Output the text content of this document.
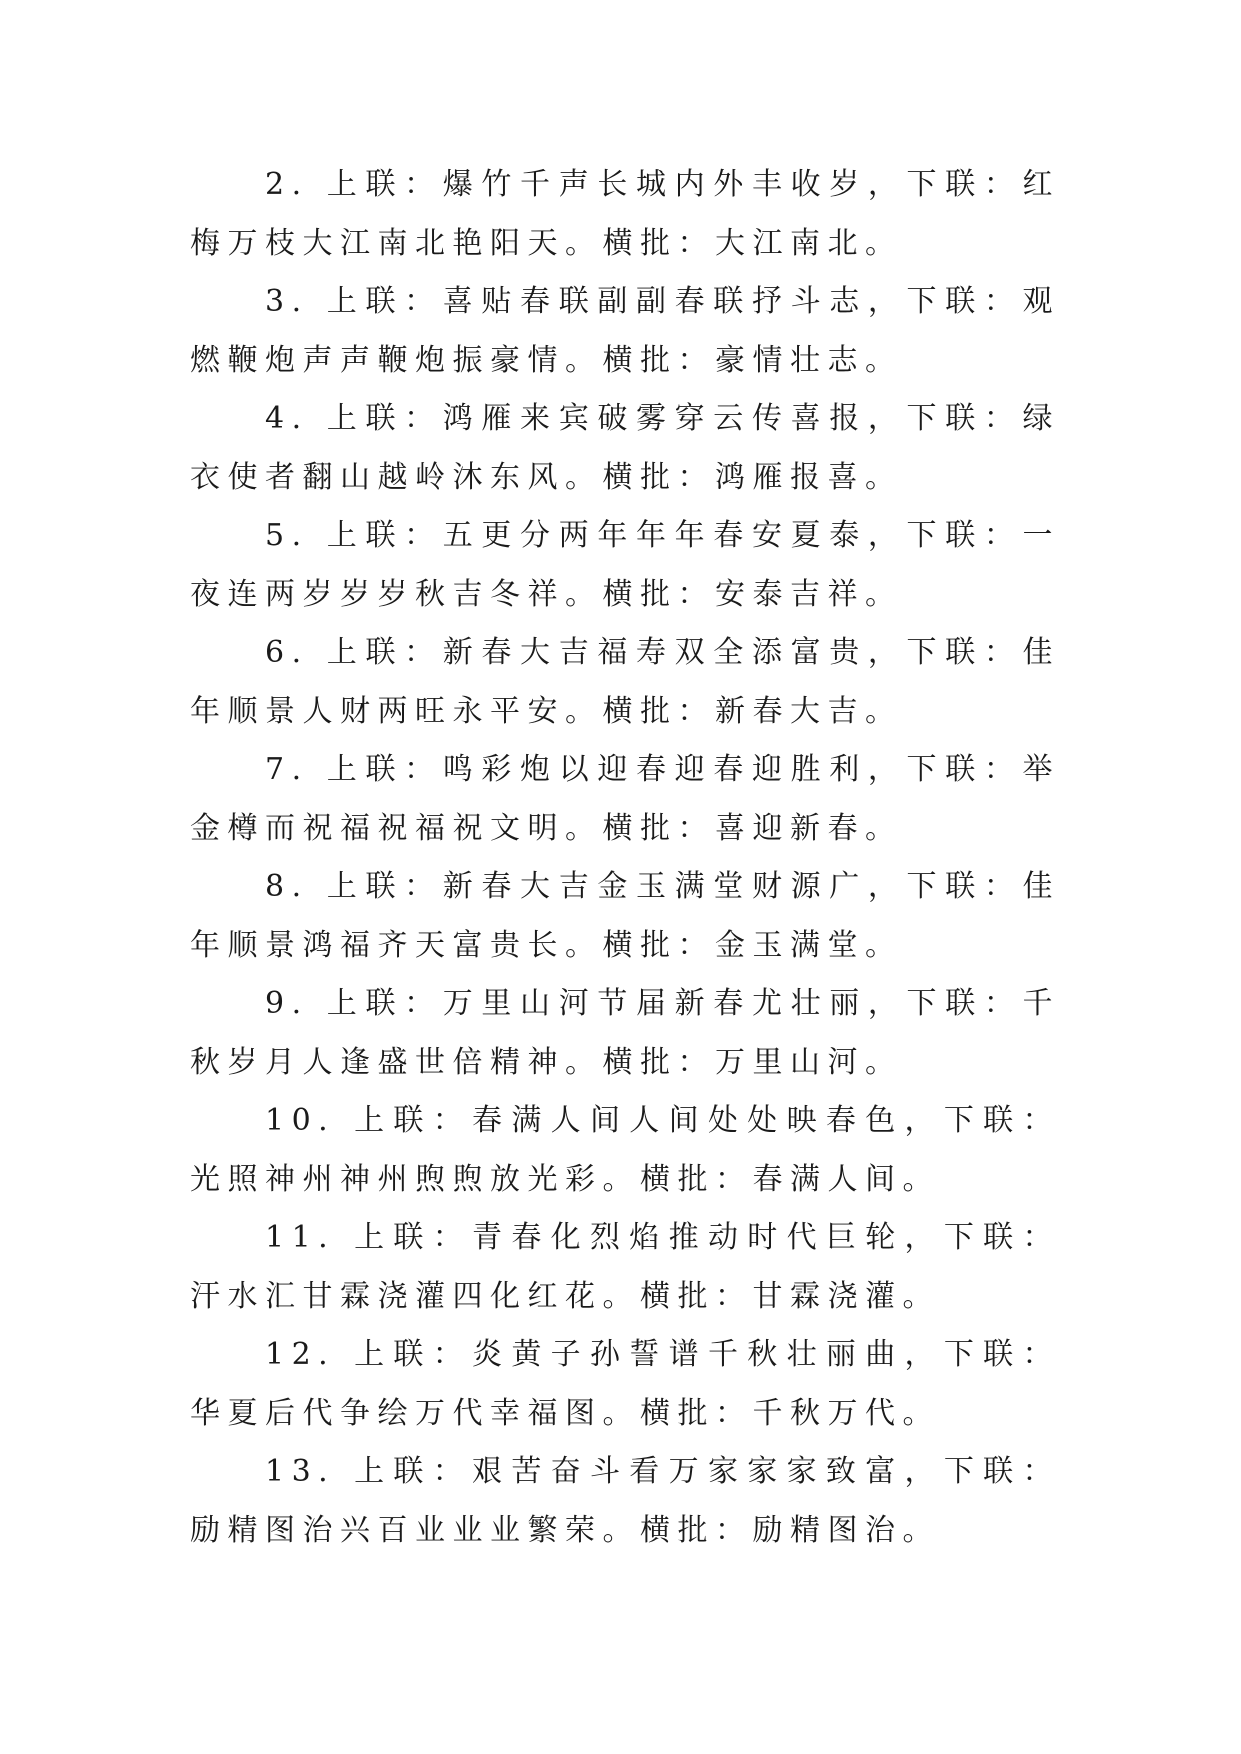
2. 上联：爆竹千声长城内外丰收岁，下联：红梅万枝大江南北艳阳天。横批：大江南北。

3. 上联：喜贴春联副副春联抒斗志，下联：观燃鞭炮声声鞭炮振豪情。横批：豪情壮志。

4. 上联：鸿雁来宾破雾穿云传喜报，下联：绿衣使者翻山越岭沐东风。横批：鸿雁报喜。

5. 上联：五更分两年年年春安夏泰，下联：一夜连两岁岁岁秋吉冬祥。横批：安泰吉祥。

6. 上联：新春大吉福寿双全添富贵，下联：佳年顺景人财两旺永平安。横批：新春大吉。

7. 上联：鸣彩炮以迎春迎春迎胜利，下联：举金樽而祝福祝福祝文明。横批：喜迎新春。

8. 上联：新春大吉金玉满堂财源广，下联：佳年顺景鸿福齐天富贵长。横批：金玉满堂。

9. 上联：万里山河节届新春尤壮丽，下联：千秋岁月人逢盛世倍精神。横批：万里山河。

10. 上联：春满人间人间处处映春色，下联：光照神州神州煦煦放光彩。横批：春满人间。

11. 上联：青春化烈焰推动时代巨轮，下联：汗水汇甘霖浇灌四化红花。横批：甘霖浇灌。

12. 上联：炎黄子孙誓谱千秋壮丽曲，下联：华夏后代争绘万代幸福图。横批：千秋万代。

13. 上联：艰苦奋斗看万家家家致富，下联：励精图治兴百业业业繁荣。横批：励精图治。
